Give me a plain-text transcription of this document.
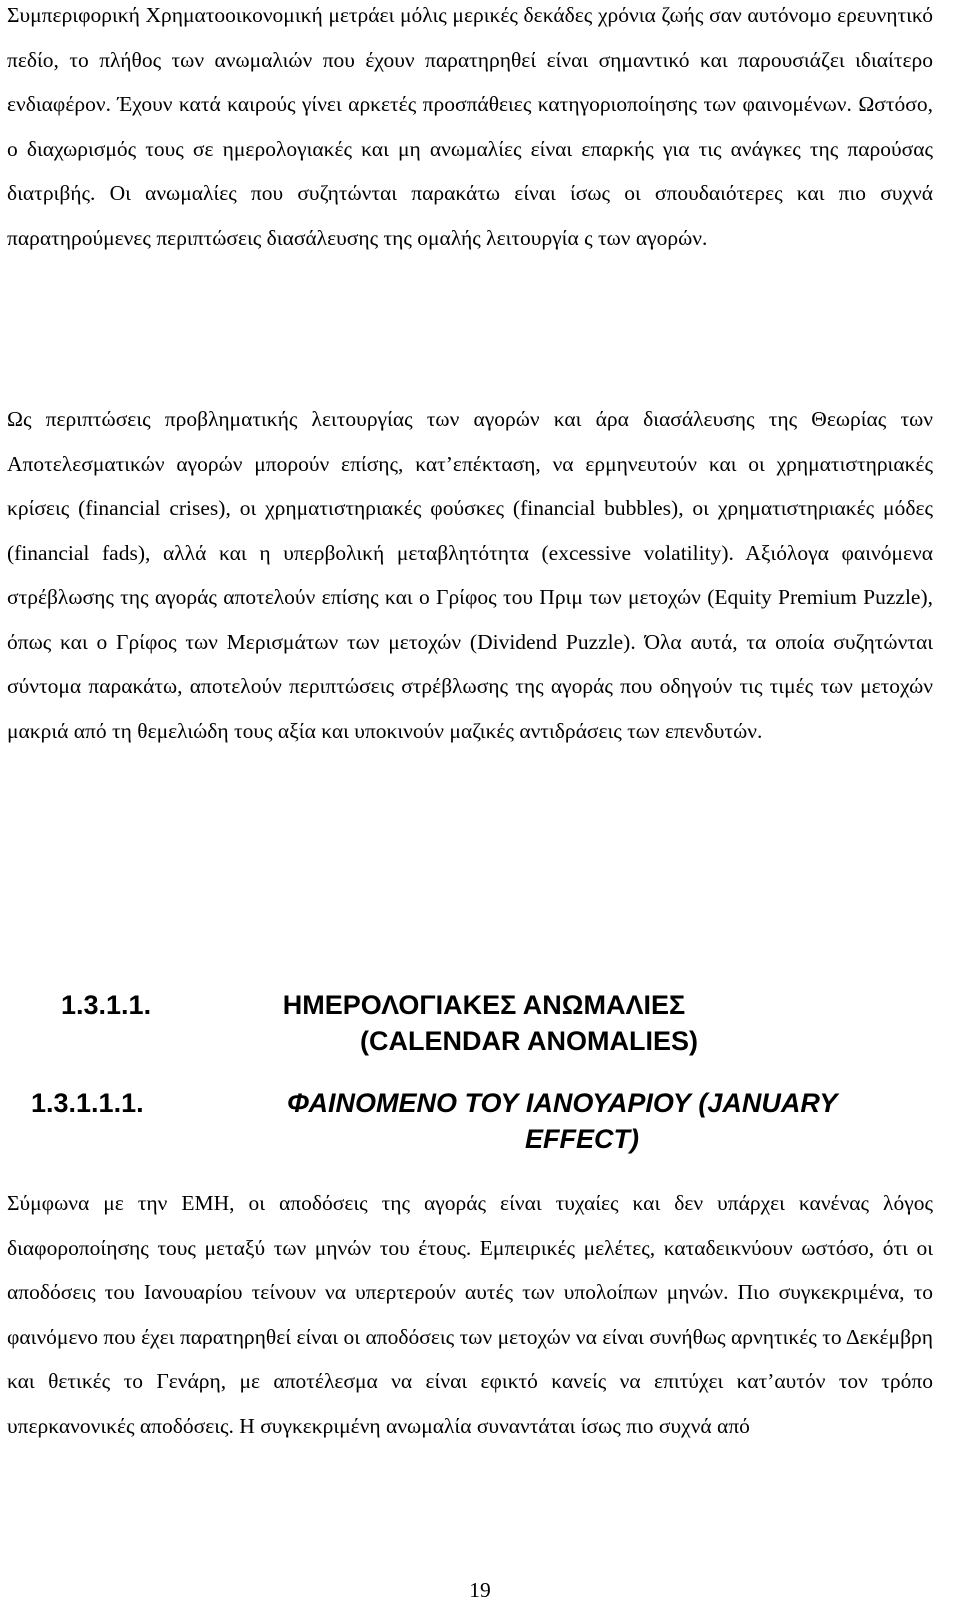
Συμπεριφορική Χρηματοοικονομική μετράει μόλις μερικές δεκάδες χρόνια ζωής σαν αυτόνομο ερευνητικό πεδίο, το πλήθος των ανωμαλιών που έχουν παρατηρηθεί είναι σημαντικό και παρουσιάζει ιδιαίτερο ενδιαφέρον. Έχουν κατά καιρούς γίνει αρκετές προσπάθειες κατηγοριοποίησης των φαινομένων. Ωστόσο, ο διαχωρισμός τους σε ημερολογιακές και μη ανωμαλίες είναι επαρκής για τις ανάγκες της παρούσας διατριβής. Οι ανωμαλίες που συζητώνται παρακάτω είναι ίσως οι σπουδαιότερες και πιο συχνά παρατηρούμενες περιπτώσεις διασάλευσης της ομαλής λειτουργία ς των αγορών.

Ως περιπτώσεις προβληματικής λειτουργίας των αγορών και άρα διασάλευσης της Θεωρίας των Αποτελεσματικών αγορών μπορούν επίσης, κατ’επέκταση, να ερμηνευτούν και οι χρηματιστηριακές κρίσεις (financial crises), οι χρηματιστηριακές φούσκες (financial bubbles), οι χρηματιστηριακές μόδες (financial fads), αλλά και η υπερβολική μεταβλητότητα (excessive volatility). Αξιόλογα φαινόμενα στρέβλωσης της αγοράς αποτελούν επίσης και ο Γρίφος του Πριμ των μετοχών (Equity Premium Puzzle), όπως και ο Γρίφος των Μερισμάτων των μετοχών (Dividend Puzzle). Όλα αυτά, τα οποία συζητώνται σύντομα παρακάτω, αποτελούν περιπτώσεις στρέβλωσης της αγοράς που οδηγούν τις τιμές των μετοχών μακριά από τη θεμελιώδη τους αξία και υποκινούν μαζικές αντιδράσεις των επενδυτών.

1.3.1.1.	ΗΜΕΡΟΛΟΓΙΑΚΕΣ ΑΝΩΜΑΛΙΕΣ
(CALENDAR ANOMALIES)
1.3.1.1.1.	ΦΑΙΝΟΜΕΝΟ ΤΟΥ ΙΑΝΟΥΑΡΙΟΥ (JANUARY
EFFECT)

Σύμφωνα με την ΕΜΗ, οι αποδόσεις της αγοράς είναι τυχαίες και δεν υπάρχει κανένας λόγος διαφοροποίησης τους μεταξύ των μηνών του έτους. Εμπειρικές μελέτες, καταδεικνύουν ωστόσο, ότι οι αποδόσεις του Ιανουαρίου τείνουν να υπερτερούν αυτές των υπολοίπων μηνών. Πιο συγκεκριμένα, το φαινόμενο που έχει παρατηρηθεί είναι οι αποδόσεις των μετοχών να είναι συνήθως αρνητικές το Δεκέμβρη και θετικές το Γενάρη, με αποτέλεσμα να είναι εφικτό κανείς να επιτύχει κατ’αυτόν τον τρόπο υπερκανονικές αποδόσεις. Η συγκεκριμένη ανωμαλία συναντάται ίσως πιο συχνά από

19
